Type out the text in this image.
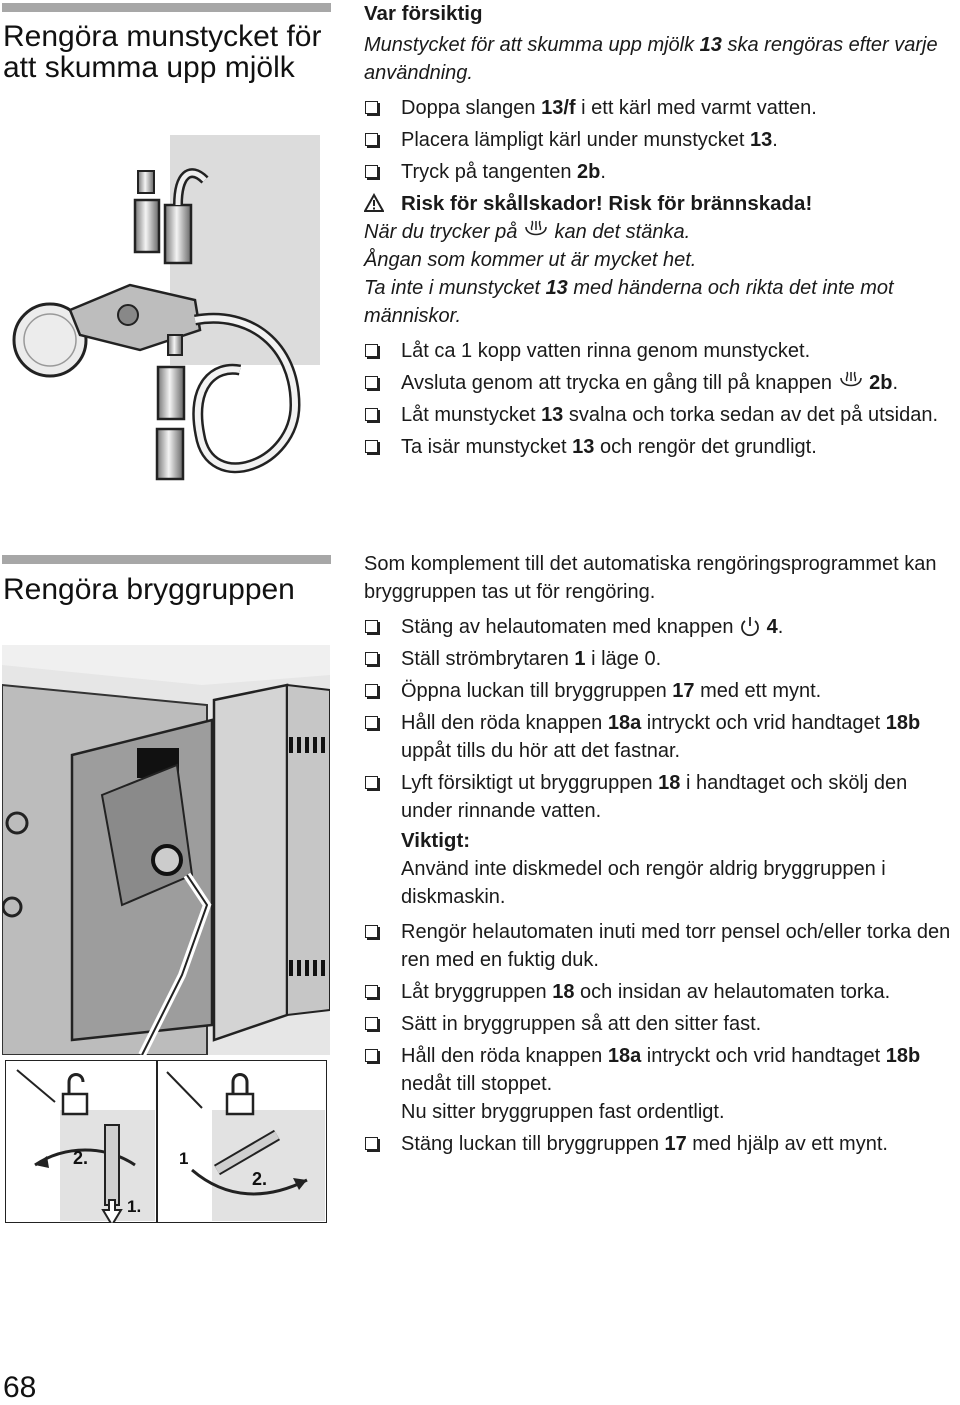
Rengöra munstycket för att skumma upp mjölk

Var försiktig

Munstycket för att skumma upp mjölk 13 ska rengöras efter varje användning.

Doppa slangen 13/f i ett kärl med varmt vatten.

Placera lämpligt kärl under munstycket 13.

Tryck på tangenten 2b.

Risk för skållskador! Risk för brännskada!

När du trycker på  kan det stänka.

Ångan som kommer ut är mycket het.

Ta inte i munstycket 13 med händerna och rikta det inte mot människor.

Låt ca 1 kopp vatten rinna genom munstycket.

Avsluta genom att trycka en gång till på knappen  2b.

Låt munstycket 13 svalna och torka sedan av det på utsidan.

Ta isär munstycket 13 och rengör det grundligt.

Rengöra bryggruppen
2.
1.
1
2.

Som komplement till det automatiska rengöringsprogrammet kan bryggruppen tas ut för rengöring.

Stäng av helautomaten med knappen  4.

Ställ strömbrytaren 1 i läge 0.

Öppna luckan till bryggruppen 17 med ett mynt.

Håll den röda knappen 18a intryckt och vrid handtaget 18b uppåt tills du hör att det fastnar.

Lyft försiktigt ut bryggruppen 18 i handtaget och skölj den under rinnande vatten.

Viktigt:

Använd inte diskmedel och rengör aldrig bryggruppen i diskmaskin.

Rengör helautomaten inuti med torr pensel och/eller torka den ren med en fuktig duk.

Låt bryggruppen 18 och insidan av helautomaten torka.

Sätt in bryggruppen så att den sitter fast.

Håll den röda knappen 18a intryckt och vrid handtaget 18b nedåt till stoppet.

Nu sitter bryggruppen fast ordentligt.

Stäng luckan till bryggruppen 17 med hjälp av ett mynt.

68
